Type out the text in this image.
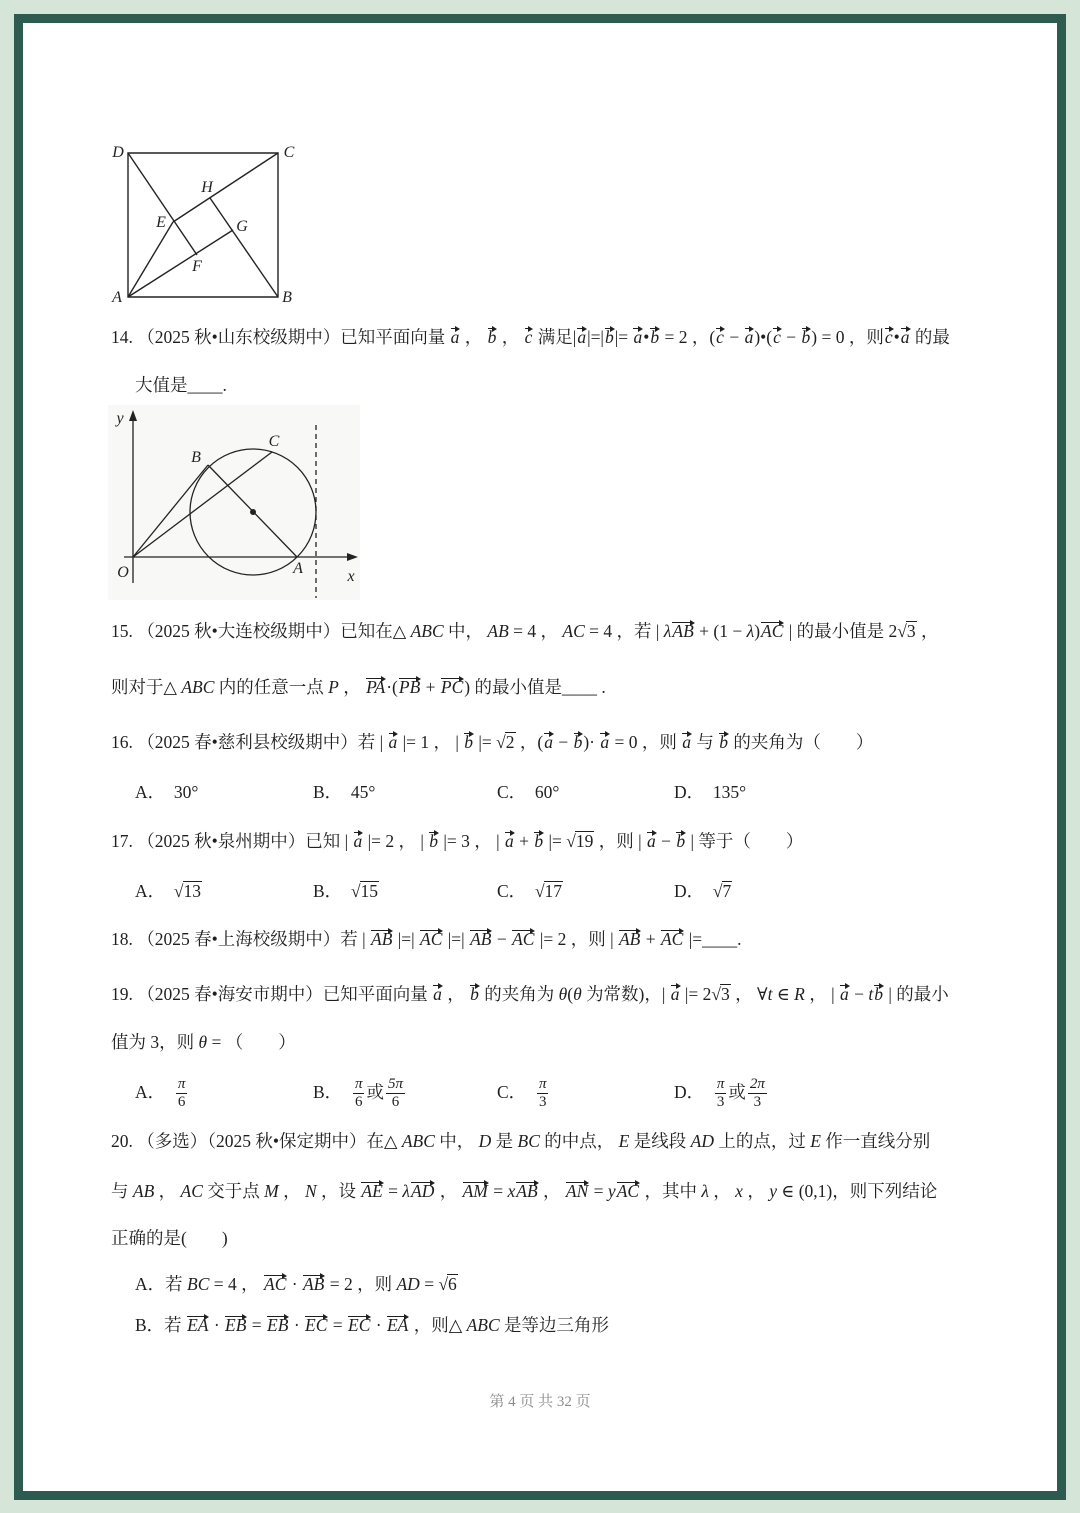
D	C
H
E	G
F
A	B
14. （2025 秋•山东校级期中）已知平面向量 a ， b ， c 满足|a|=|b|= a•b = 2 ，(c − a)•(c − b) = 0 ，则c•a 的最
大值是____.
y
B
C
O	A	x
15. （2025 秋•大连校级期中）已知在△ ABC 中， AB = 4 ， AC = 4 ，若 | λAB + (1 − λ)AC | 的最小值是 2√3 ，
则对于△ ABC 内的任意一点 P ， PA·(PB + PC) 的最小值是____ .
16. （2025 春•慈利县校级期中）若 | a |= 1 ， | b |= √2 ，(a − b)· a = 0 ，则 a 与 b 的夹角为（　　）
A．  30°	B．  45°	C．  60°	D．  135°
17. （2025 秋•泉州期中）已知 | a |= 2 ， | b |= 3 ， | a + b |= √19 ，则 | a − b | 等于（　　）
A．  √13	B．  √15	C．  √17	D．  √7
18. （2025 春•上海校级期中）若 | AB |=| AC |=| AB − AC |= 2 ，则 | AB + AC |=____.
19. （2025 春•海安市期中）已知平面向量 a ， b 的夹角为 θ(θ 为常数)，| a |= 2√3 ， ∀t ∈ R ， | a − tb | 的最小
值为 3，则 θ = （　　）
A． $\frac{\pi}{6}$	B． $\frac{\pi}{6}$ 或 $\frac{5\pi}{6}$	C． $\frac{\pi}{3}$	D． $\frac{\pi}{3}$ 或 $\frac{2\pi}{3}$
20. （多选）（2025 秋•保定期中）在△ ABC 中， D 是 BC 的中点， E 是线段 AD 上的点，过 E 作一直线分别
与 AB ， AC 交于点 M ， N ，设 AE = λAD ， AM = xAB ， AN = yAC ，其中 λ ， x ， y ∈ (0,1)，则下列结论
正确的是(　　)
A．若 BC = 4 ， AC · AB = 2 ，则 AD = √6
B．若 EA · EB = EB · EC = EC · EA ，则△ ABC 是等边三角形
第 4 页 共 32 页
